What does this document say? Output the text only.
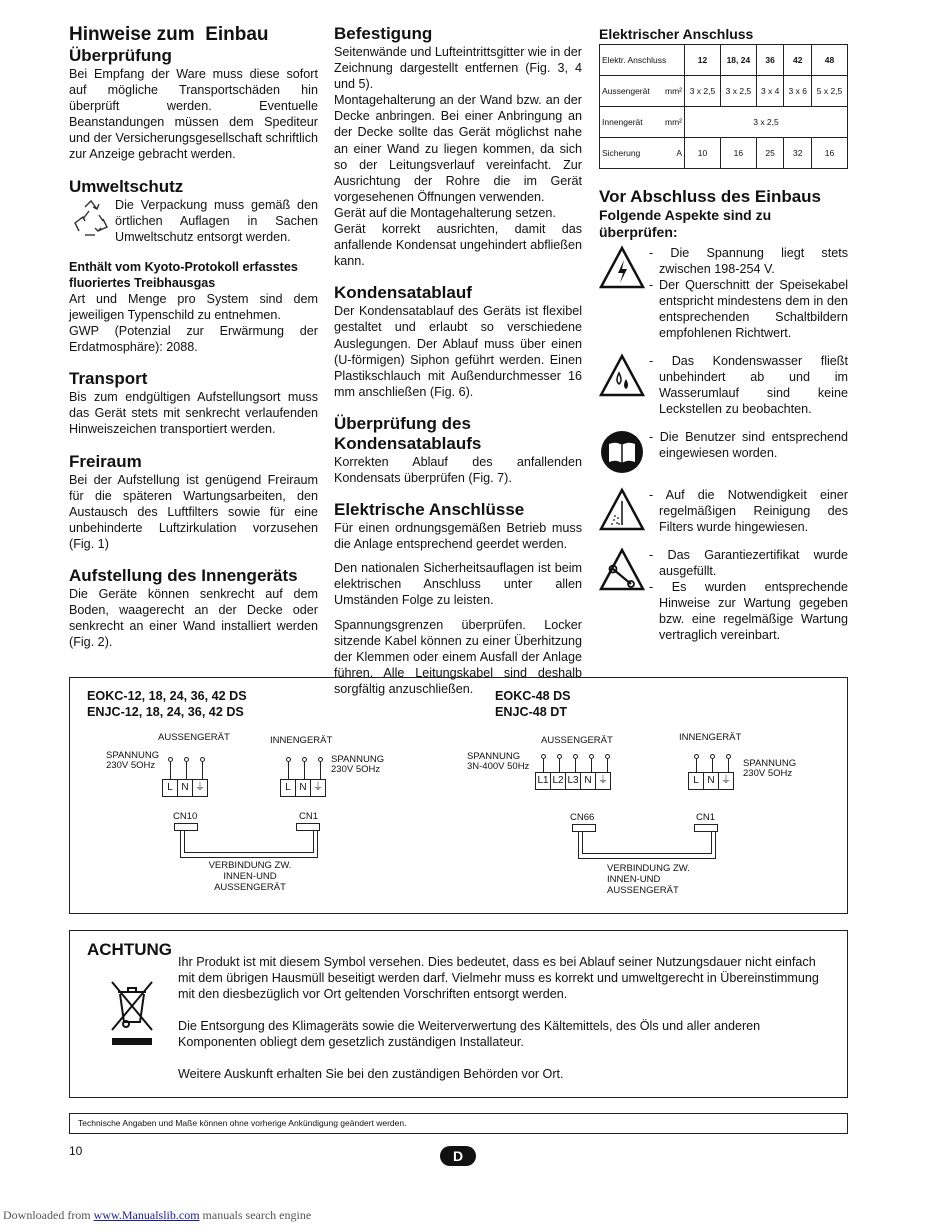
Hinweise zum  Einbau
Überprüfung

Bei Empfang der Ware muss diese sofort auf mögliche Transportschäden hin überprüft werden. Eventuelle Beanstandungen müssen dem Spediteur und der Versicherungsgesellschaft schriftlich zur Anzeige gebracht werden.

Umweltschutz

Die Verpackung muss gemäß den örtlichen Auflagen in Sachen Umweltschutz entsorgt werden.

Enthält vom Kyoto-Protokoll erfasstes fluoriertes Treibhausgas

Art und Menge pro System sind dem jeweiligen Typenschild zu entnehmen.

GWP (Potenzial zur Erwärmung der Erdatmosphäre): 2088.

Transport

Bis zum endgültigen Aufstellungsort muss das Gerät stets mit senkrecht verlaufenden Hinweiszeichen transportiert werden.

Freiraum

Bei der Aufstellung ist genügend Freiraum für die späteren Wartungsarbeiten, den Austausch des Luftfilters sowie für eine unbehinderte Luftzirkulation vorzusehen (Fig. 1)

Aufstellung des Innengeräts

Die Geräte können senkrecht auf dem Boden, waagerecht an der Decke oder senkrecht an einer Wand installiert werden (Fig. 2).

Befestigung

Seitenwände und Lufteintrittsgitter wie in der Zeichnung dargestellt entfernen (Fig. 3, 4 und 5).

Montagehalterung an der Wand bzw. an der Decke anbringen. Bei einer Anbringung an der Decke sollte das Gerät möglichst nahe an einer Wand zu liegen kommen, da sich so der Leitungsverlauf vereinfacht. Zur Ausrichtung der Rohre die im Gerät vorgesehenen Öffnungen verwenden.

Gerät auf die Montagehalterung setzen.

Gerät korrekt ausrichten, damit das anfallende Kondensat ungehindert abfließen kann.

Kondensatablauf

Der Kondensatablauf des Geräts ist flexibel gestaltet und erlaubt so verschiedene Auslegungen. Der Ablauf muss über einen (U-förmigen) Siphon geführt werden. Einen Plastikschlauch mit Außendurchmesser 16 mm anschließen (Fig. 6).

Überprüfung des Kondensatablaufs

Korrekten Ablauf des anfallenden Kondensats überprüfen (Fig. 7).

Elektrische Anschlüsse

Für einen ordnungsgemäßen Betrieb muss die Anlage entsprechend geerdet werden.

Den nationalen Sicherheitsauflagen ist beim elektrischen Anschluss unter allen Umständen Folge zu leisten.

Spannungsgrenzen überprüfen. Locker sitzende Kabel können zu einer Überhitzung der Klemmen oder einem Ausfall der Anlage führen. Alle Leitungskabel sind deshalb sorgfältig anzuschließen.

Elektrischer Anschluss
Elektr. Anschluss	12	18, 24	36	42	48
Aussengerät mm²	3 x 2,5	3 x 2,5	3 x 4	3 x 6	5 x 2,5
Innengerät mm²	3 x 2,5				
Sicherung A	10	16	25	32	16
Vor Abschluss des Einbaus
Folgende Aspekte sind zu überprüfen:
- Die Spannung liegt stets zwischen 198-254 V.
- Der Querschnitt der Speisekabel entspricht mindestens dem in den entsprechenden Schaltbildern empfohlenen Richtwert.
- Das Kondenswasser fließt unbehindert ab und im Wasserumlauf sind keine Leckstellen zu beobachten.
- Die Benutzer sind entsprechend eingewiesen worden.
- Auf die Notwendigkeit einer regelmäßigen Reinigung des Filters wurde hingewiesen.
- Das Garantiezertifikat wurde ausgefüllt.
- Es wurden entsprechende Hinweise zur Wartung gegeben bzw. eine regelmäßige Wartung vertraglich vereinbart.
EOKC-12, 18, 24, 36, 42 DS
ENJC-12, 18, 24, 36, 42 DS
AUSSENGERÄT	INNENGERÄT
SPANNUNG
230V 5OHz
SPANNUNG
230V 5OHz
L N ⏚	L N ⏚
CN10	CN1
VERBINDUNG ZW.
INNEN-UND
AUSSENGERÄT
EOKC-48 DS
ENJC-48 DT
AUSSENGERÄT	INNENGERÄT
SPANNUNG
3N-400V 50Hz	SPANNUNG
230V 5OHz
L1 L2 L3 N ⏚	L N ⏚
CN66	CN1
VERBINDUNG ZW.
INNEN-UND
AUSSENGERÄT
ACHTUNG

Ihr Produkt ist mit diesem Symbol versehen. Dies bedeutet, dass es bei Ablauf seiner Nutzungsdauer nicht einfach mit dem übrigen Hausmüll beseitigt werden darf. Vielmehr muss es korrekt und umweltgerecht in Übereinstimmung mit den diesbezüglich vor Ort geltenden Vorschriften entsorgt werden.

Die Entsorgung des Klimageräts sowie die Weiterverwertung des Kältemittels, des Öls und aller anderen Komponenten obliegt dem gesetzlich zuständigen Installateur.

Weitere Auskunft erhalten Sie bei den zuständigen Behörden vor Ort.

Technische Angaben und Maße können ohne vorherige Ankündigung geändert werden.
10	D
Downloaded from www.Manualslib.com manuals search engine
